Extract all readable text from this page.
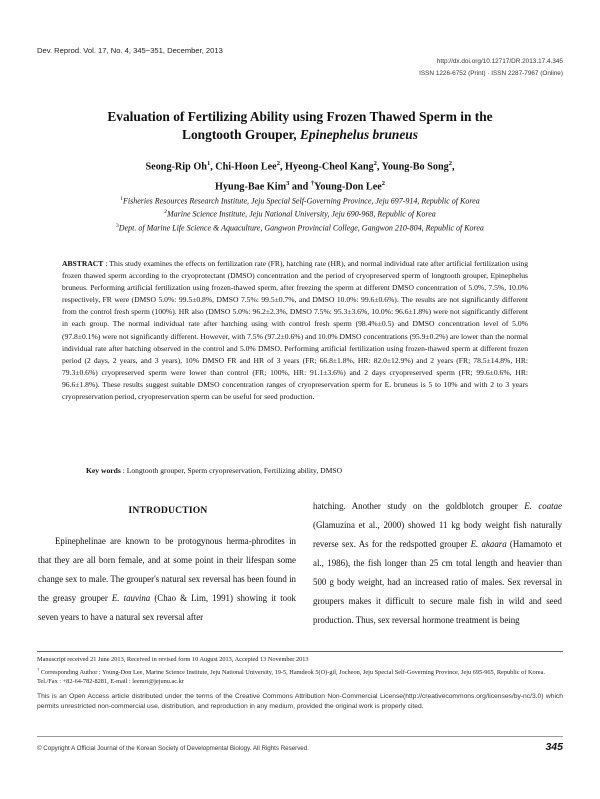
Dev. Reprod. Vol. 17, No. 4, 345~351, December, 2013
http://dx.doi.org/10.12717/DR.2013.17.4.345
ISSN 1226-6752 (Print) · ISSN 2287-7967 (Online)
Evaluation of Fertilizing Ability using Frozen Thawed Sperm in the
Longtooth Grouper, Epinephelus bruneus
Seong-Rip Oh$^1$, Chi-Hoon Lee$^2$, Hyeong-Cheol Kang$^2$, Young-Bo Song$^2$,
Hyung-Bae Kim$^3$ and †Young-Don Lee$^2$
$^1$Fisheries Resources Research Institute, Jeju Special Self-Governing Province, Jeju 697-914, Republic of Korea
$^2$Marine Science Institute, Jeju National University, Jeju 690-968, Republic of Korea
$^3$Dept. of Marine Life Science & Aquaculture, Gangwon Provincial College, Gangwon 210-804, Republic of Korea
ABSTRACT : This study examines the effects on fertilization rate (FR), hatching rate (HR), and normal individual rate after artificial fertilization using frozen thawed sperm according to the cryoprotectant (DMSO) concentration and the period of cryopreserved sperm of longtooth grouper, Epinephelus bruneus. Performing artificial fertilization using frozen-thawed sperm, after freezing the sperm at different DMSO concentration of 5.0%, 7.5%, 10.0% respectively, FR were (DMSO 5.0%: 99.5±0.8%, DMSO 7.5%: 99.5±0.7%, and DMSO 10.0%: 99.6±0.6%). The results are not significantly different from the control fresh sperm (100%). HR also (DMSO 5.0%: 96.2±2.3%, DMSO 7.5%: 95.3±3.6%, 10.0%: 96.6±1.8%) were not significantly different in each group. The normal individual rate after hatching using with control fresh sperm (98.4%±0.5) and DMSO concentration level of 5.0% (97.8±0.1%) were not significantly different. However, with 7.5% (97.2±0.6%) and 10.0% DMSO concentrations (95.9±0.2%) are lower than the normal individual rate after hatching observed in the control and 5.0% DMSO. Performing artificial fertilization using frozen-thawed sperm at different frozen period (2 days, 2 years, and 3 years), 10% DMSO FR and HR of 3 years (FR; 66.8±1.8%, HR: 82.0±12.9%) and 2 years (FR; 78.5±14.8%, HR: 79.3±0.6%) cryopreserved sperm were lower than control (FR; 100%, HR: 91.1±3.6%) and 2 days cryopreserved sperm (FR; 99.6±0.6%, HR: 96.6±1.8%). These results suggest suitable DMSO concentration ranges of cryopreservation sperm for E. bruneus is 5 to 10% and with 2 to 3 years cryopreservation period, cryopreservation sperm can be useful for seed production.
Key words : Longtooth grouper, Sperm cryopreservation, Fertilizing ability, DMSO
INTRODUCTION

Epinephelinae are known to be protogynous herma-phrodites in that they are all born female, and at some point in their lifespan some change sex to male. The grouper's natural sex reversal has been found in the greasy grouper E. tauvina (Chao & Lim, 1991) showing it took seven years to have a natural sex reversal after

hatching. Another study on the goldblotch grouper E. coatae (Glamuzina et al., 2000) showed 11 kg body weight fish naturally reverse sex. As for the redspotted grouper E. akaara (Hamamoto et al., 1986), the fish longer than 25 cm total length and heavier than 500 g body weight, had an increased ratio of males. Sex reversal in groupers makes it difficult to secure male fish in wild and seed production. Thus, sex reversal hormone treatment is being

Manuscript received 21 June 2013, Received in revised form 10 August 2013, Accepted 13 November 2013
† Corresponding Author : Young-Don Lee, Marine Science Institute, Jeju National University, 19-5, Hamdeok 5(O)-gil, Jocheon, Jeju Special Self-Governing Province, Jeju 695-965, Republic of Korea. Tel./Fax : +82-64-782-8281, E-mail : leemri@jejunu.ac.kr
This is an Open Access article distributed under the terms of the Creative Commons Attribution Non-Commercial License(http://creativecommons.org/licenses/by-nc/3.0) which permits unrestricted non-commercial use, distribution, and reproduction in any medium, provided the original work is properly cited.
© Copyright A Official Journal of the Korean Society of Developmental Biology. All Rights Reserved.	345
